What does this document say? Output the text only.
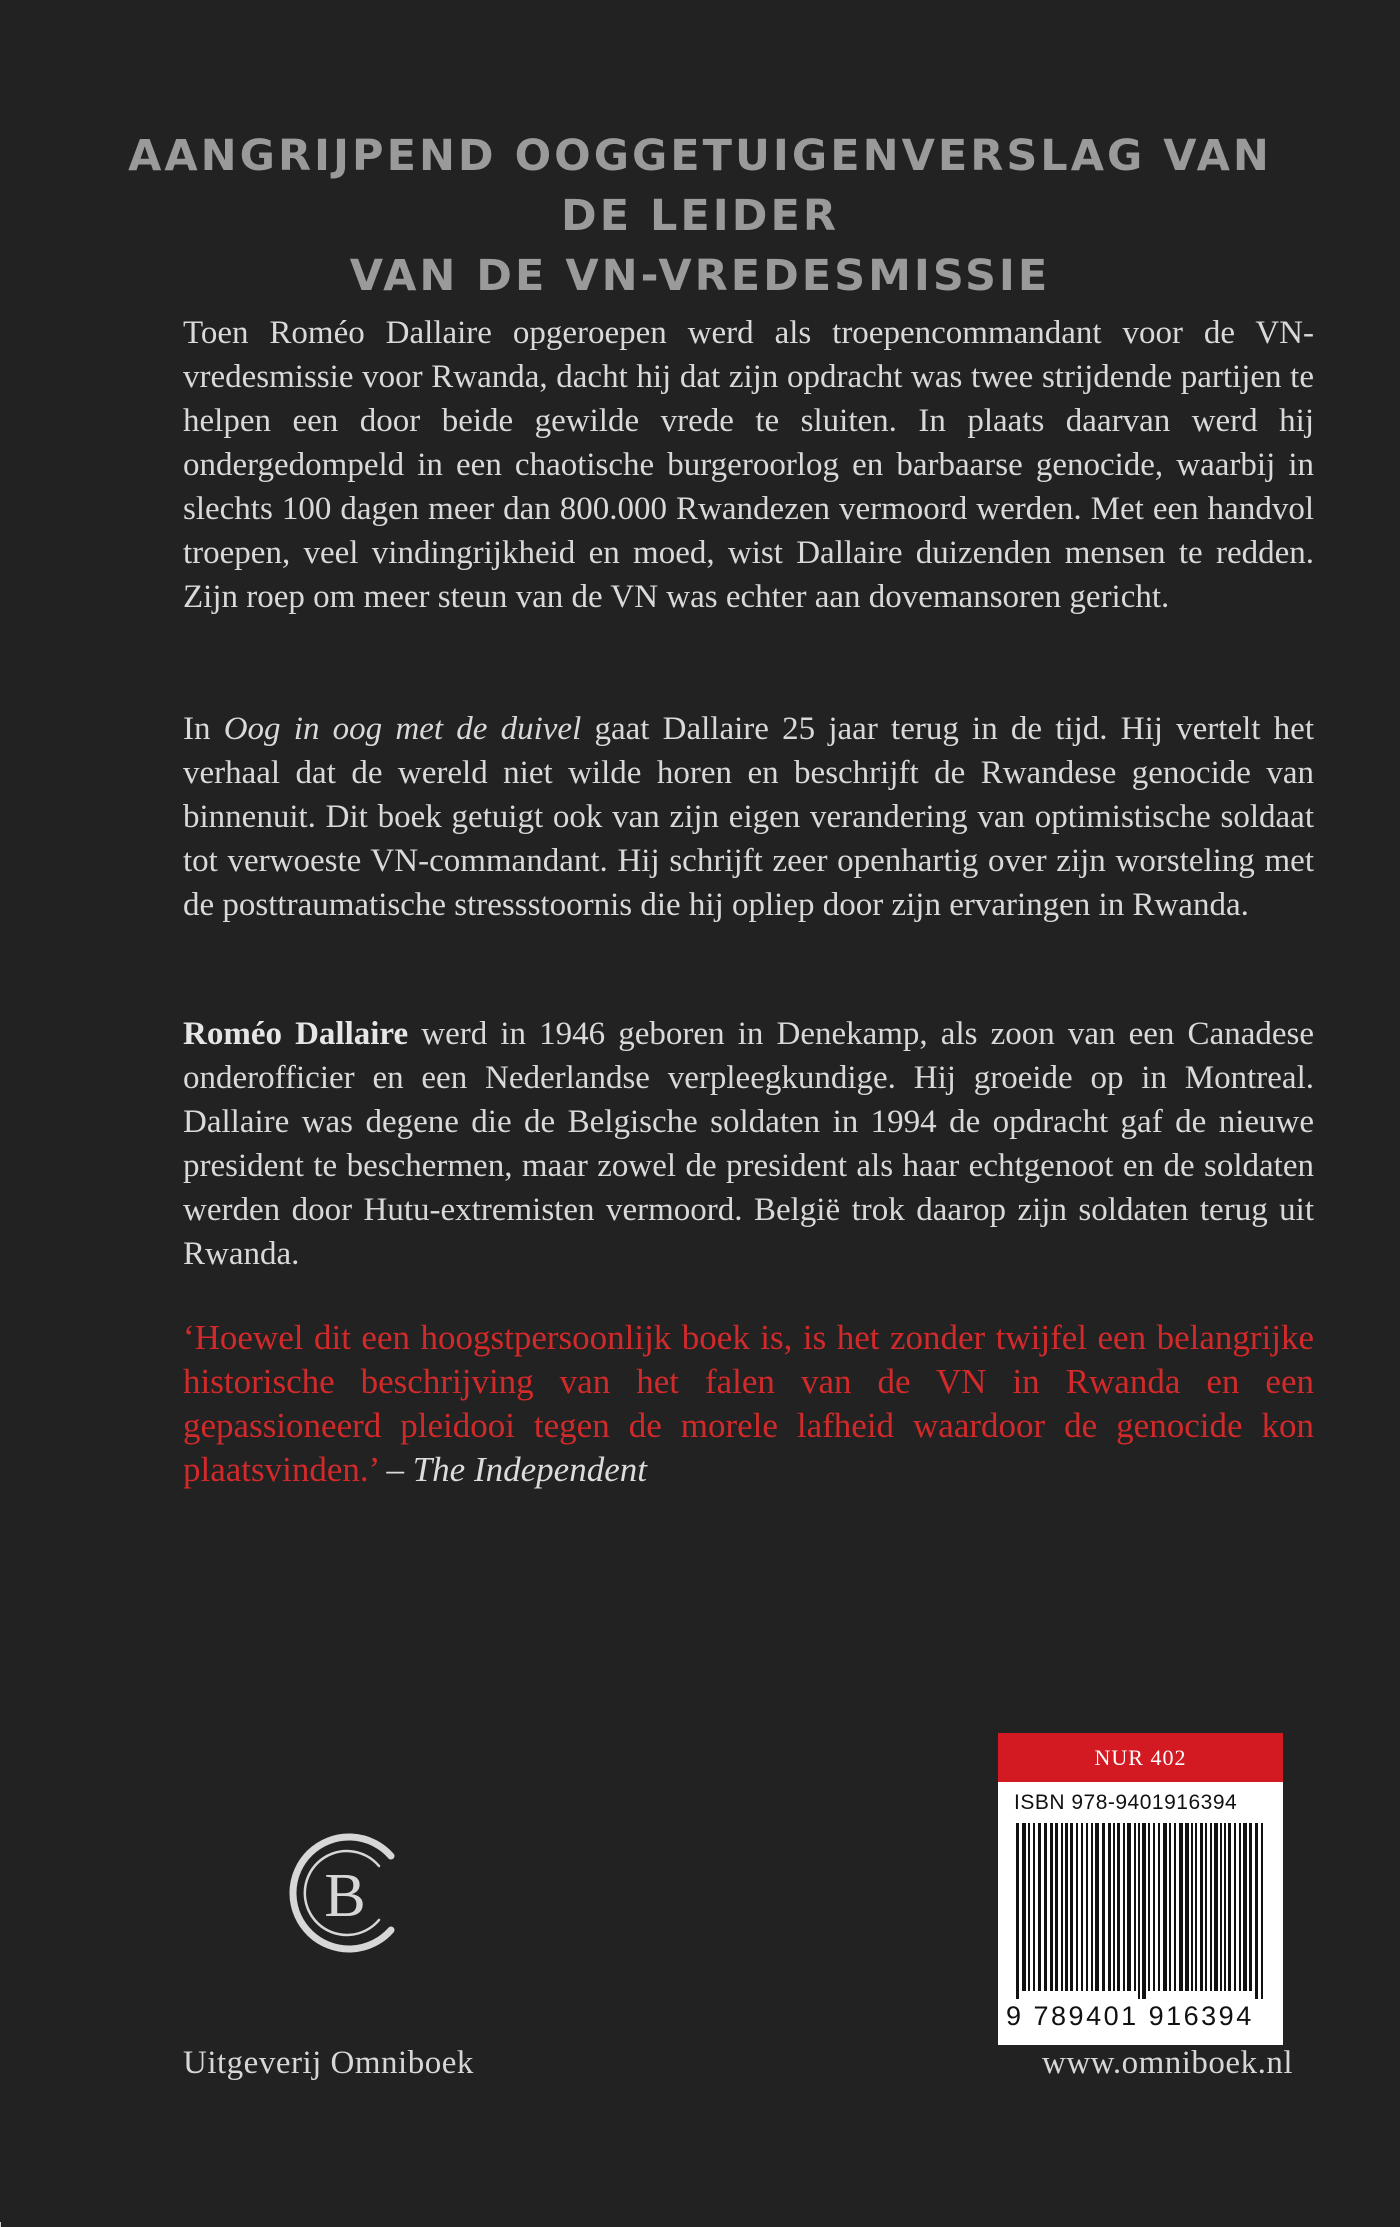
AANGRIJPEND OOGGETUIGENVERSLAG VAN DE LEIDER
VAN DE VN-VREDESMISSIE

Toen Roméo Dallaire opgeroepen werd als troepencommandant voor de VN-vredesmissie voor Rwanda, dacht hij dat zijn opdracht was twee strijdende partijen te helpen een door beide gewilde vrede te sluiten. In plaats daarvan werd hij ondergedompeld in een chaotische burgeroorlog en barbaarse genocide, waarbij in slechts 100 dagen meer dan 800.000 Rwandezen vermoord werden. Met een handvol troepen, veel vindingrijkheid en moed, wist Dallaire duizenden mensen te redden. Zijn roep om meer steun van de VN was echter aan dovemansoren gericht.

In Oog in oog met de duivel gaat Dallaire 25 jaar terug in de tijd. Hij vertelt het verhaal dat de wereld niet wilde horen en beschrijft de Rwandese genocide van binnenuit. Dit boek getuigt ook van zijn eigen verandering van optimistische soldaat tot verwoeste VN-commandant. Hij schrijft zeer openhartig over zijn worsteling met de posttraumatische stressstoornis die hij opliep door zijn ervaringen in Rwanda.

Roméo Dallaire werd in 1946 geboren in Denekamp, als zoon van een Canadese onderofficier en een Nederlandse verpleegkundige. Hij groeide op in Montreal. Dallaire was degene die de Belgische soldaten in 1994 de opdracht gaf de nieuwe president te beschermen, maar zowel de president als haar echtgenoot en de soldaten werden door Hutu-extremisten vermoord. België trok daarop zijn soldaten terug uit Rwanda.

‘Hoewel dit een hoogstpersoonlijk boek is, is het zonder twijfel een belangrijke historische beschrijving van het falen van de VN in Rwanda en een gepassioneerd pleidooi tegen de morele lafheid waardoor de genocide kon plaatsvinden.’ – The Independent

NUR 402
ISBN 978-9401916394
9 789401 916394
B
Uitgeverij Omniboek	www.omniboek.nl
